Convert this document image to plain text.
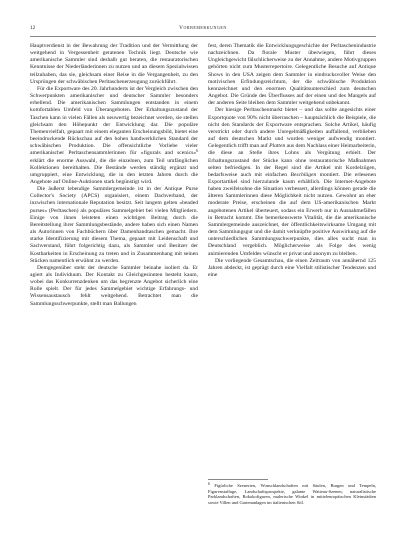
12	Vorbemerkungen

Hauptverdienst in der Bewahrung der Tradition und der Vermittlung der weitgehend in Vergessenheit geratenen Technik liegt. Deutsche wie amerikanische Sammler sind deshalb gut beraten, die restauratorischen Kenntnisse der Niederländerinnen zu nutzen und an diesem Spezialwissen teilzuhaben, das sie, gleichsam einer Reise in die Vergangenheit, zu den Ursprüngen der schwäbischen Perltaschenerzeugung zurückführt.

Für die Exportware des 20. Jahrhunderts ist der Vergleich zwischen den Schwerpunkten amerikanischer und deutscher Sammler besonders erhellend. Die amerikanischen Sammlungen entstanden in einem komfortablen Umfeld von Überangeboten. Der Erhaltungszustand der Taschen kann in vielen Fällen als neuwertig bezeichnet werden, sie stellen gleichsam den Höhepunkt der Entwicklung dar. Die populäre Themenvielfalt, gepaart mit einem eleganten Erscheinungsbild, bietet eine beeindruckende Rückschau auf den hohen handwerklichen Standard der schwäbischen Produktion. Die offensichtliche Vorliebe vieler amerikanischer Perltaschensammlerinnen für »figurals and scenics«$^6$ erklärt die enorme Auswahl, die die einzelnen, zum Teil umfänglichen Kollektionen bereithalten. Die Bestände werden ständig ergänzt und umgruppiert, eine Entwicklung, die in den letzten Jahren durch die Angebote auf Online-Auktionen stark begünstigt wird.

Die äußerst lebendige Sammlergemeinde ist in der Antique Purse Collector's Society (APCS) organisiert, einem Dachverband, der inzwischen internationale Reputation besitzt. Seit langem gelten »beaded purses« (Perltaschen) als populäres Sammelgebiet bei vielen Mitgliedern. Einige von ihnen leisteten einen wichtigen Beitrag durch die Bereitstellung ihrer Sammlungsbestände, andere haben sich einen Namen als Autorinnen von Fachbüchern über Damenhandtaschen gemacht. Ihre starke Identifizierung mit diesem Thema, gepaart mit Leidenschaft und Sachverstand, führt folgerichtig dazu, als Sammler und Besitzer der Kostbarkeiten in Erscheinung zu treten und in Zusammenhang mit seinen Stücken namentlich erwähnt zu werden.

Demgegenüber steht der deutsche Sammler beinahe isoliert da. Er agiert als Individuum. Der Kontakt zu Gleichgesinnten besteht kaum, wobei das Konkurrenzdenken um das begrenzte Angebot sicherlich eine Rolle spielt. Der für jedes Sammelgebiet wichtige Erfahrungs- und Wissensaustausch fehlt weitgehend. Betrachtet man die Sammlungsschwerpunkte, stellt man Ballungen

fest, deren Thematik die Entwicklungsgeschichte der Perltaschenindustrie nachzeichnen. Da florale Muster überwiegen, führt dieses Ungleichgewicht fälschlicherweise zu der Annahme, andere Motivgruppen gehörten nicht zum Musterrepertoire. Gelegentliche Besuche auf Antique Shows in den USA zeigen dem Sammler in eindrucksvoller Weise den motivischen Erfindungsreichtum, der die schwäbische Produktion kennzeichnet und den enormen Qualitätsunterschied zum deutschen Angebot. Die Gründe des Überflusses auf der einen und des Mangels auf der anderen Seite bleiben dem Sammler weitgehend unbekannt.

Der hiesige Perltaschenmarkt bietet – und das sollte angesichts einer Exportquote von 90% nicht überraschen – hauptsächlich die Beispiele, die nicht den Standards der Exportware entsprachen. Solche Artikel, häufig verstrickt oder durch andere Unregelmäßigkeiten auffallend, verblieben auf dem deutschen Markt und wurden weniger aufwendig montiert. Gelegentlich trifft man auf Platten aus dem Nachlass einer Heimarbeiterin, die diese an Stelle ihres Lohns als Vergütung erhielt. Der Erhaltungszustand der Stücke kann ohne restauratorische Maßnahmen selten befriedigen. In der Regel sind die Artikel mit Kordelzügen, bedarfsweise auch mit einfachen Beschlägen montiert. Die erlesenen Exportartikel sind hierzulande kaum erhältlich. Die Internet-Angebote haben zweifelsohne die Situation verbessert, allerdings können gerade die älteren Sammlerinnen diese Möglichkeit nicht nutzen. Gewohnt an eher moderate Preise, erscheinen die auf dem US-amerikanischen Markt angebotenen Artikel überteuert, sodass ein Erwerb nur in Ausnahmefällen in Betracht kommt. Die bemerkenswerte Vitalität, die die amerikanische Sammlergemeinde auszeichnet, der öffentlichkeitswirksame Umgang mit dem Sammlungsgut und die damit verknüpfte positive Auswirkung auf die unterschiedlichen Sammlungsschwerpunkte, dies alles sucht man in Deutschland vergeblich. Möglicherweise als Folge des wenig animierenden Umfeldes wünscht er privat und anonym zu bleiben.

Die vorliegende Gesamtschau, die einen Zeitraum von annähernd 125 Jahren abdeckt, ist geprägt durch eine Vielfalt stilistischer Tendenzen und eine

$^6$ Figürliche Szenerien, Wunschlandschaften mit Säulen, Burgen und Tempeln, Figurenstaffage, Landschaftsprospekte, galante Watteau-Szenen, naturalistische Parklandschaften, Rokokofiguren, malerische Winkel in mittelenropäischen Kleinstädten sowie Villen und Gartenanlagen im italienischen Stil.
